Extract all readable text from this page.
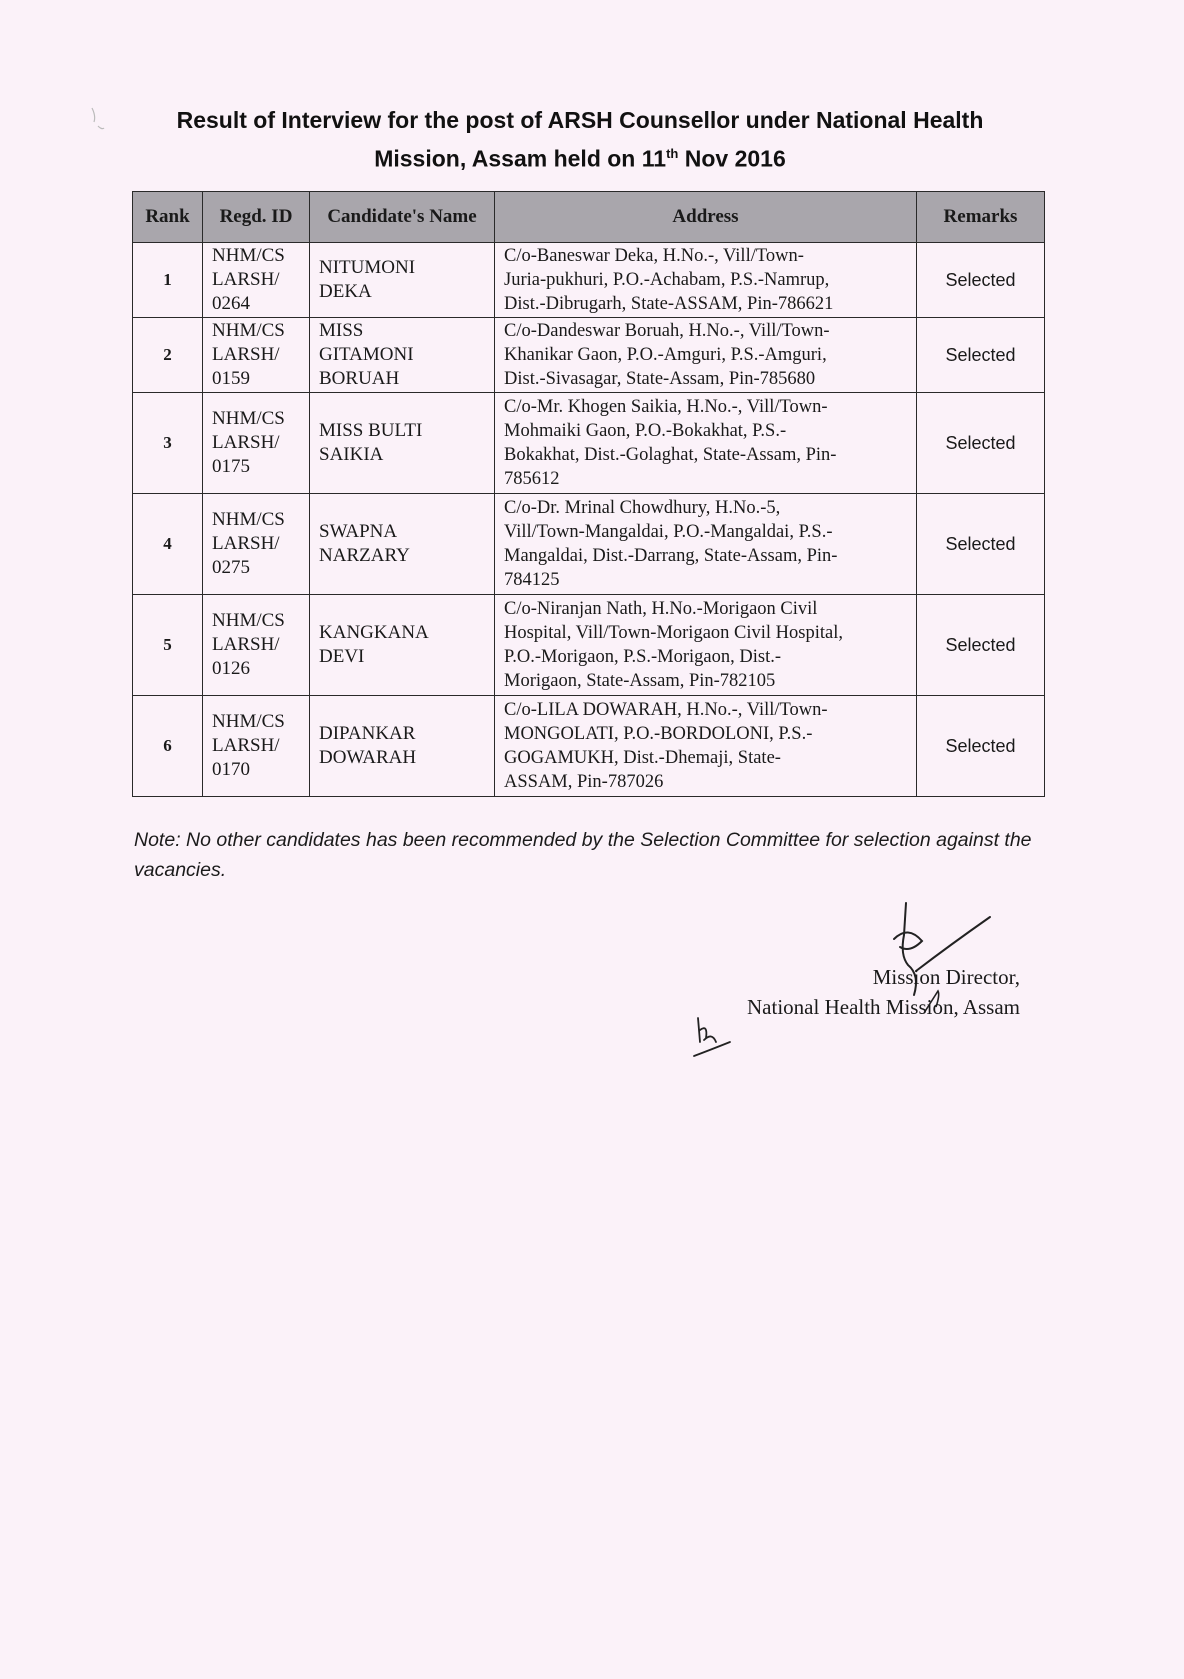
Result of Interview for the post of ARSH Counsellor under National Health
Mission, Assam held on 11th Nov 2016
Rank	Regd. ID	Candidate's Name	Address	Remarks
1	NHM/CS
LARSH/
0264	NITUMONI
DEKA	C/o-Baneswar Deka, H.No.-, Vill/Town-
Juria-pukhuri, P.O.-Achabam, P.S.-Namrup,
Dist.-Dibrugarh, State-ASSAM, Pin-786621	Selected
2	NHM/CS
LARSH/
0159	MISS
GITAMONI
BORUAH	C/o-Dandeswar Boruah, H.No.-, Vill/Town-
Khanikar Gaon, P.O.-Amguri, P.S.-Amguri,
Dist.-Sivasagar, State-Assam, Pin-785680	Selected
3	NHM/CS
LARSH/
0175	MISS BULTI
SAIKIA	C/o-Mr. Khogen Saikia, H.No.-, Vill/Town-
Mohmaiki Gaon, P.O.-Bokakhat, P.S.-
Bokakhat, Dist.-Golaghat, State-Assam, Pin-
785612	Selected
4	NHM/CS
LARSH/
0275	SWAPNA
NARZARY	C/o-Dr. Mrinal Chowdhury, H.No.-5,
Vill/Town-Mangaldai, P.O.-Mangaldai, P.S.-
Mangaldai, Dist.-Darrang, State-Assam, Pin-
784125	Selected
5	NHM/CS
LARSH/
0126	KANGKANA
DEVI	C/o-Niranjan Nath, H.No.-Morigaon Civil
Hospital, Vill/Town-Morigaon Civil Hospital,
P.O.-Morigaon, P.S.-Morigaon, Dist.-
Morigaon, State-Assam, Pin-782105	Selected
6	NHM/CS
LARSH/
0170	DIPANKAR
DOWARAH	C/o-LILA DOWARAH, H.No.-, Vill/Town-
MONGOLATI, P.O.-BORDOLONI, P.S.-
GOGAMUKH, Dist.-Dhemaji, State-
ASSAM, Pin-787026	Selected
Note: No other candidates has been recommended by the Selection Committee for selection against the vacancies.
Mission Director,
National Health Mission, Assam
